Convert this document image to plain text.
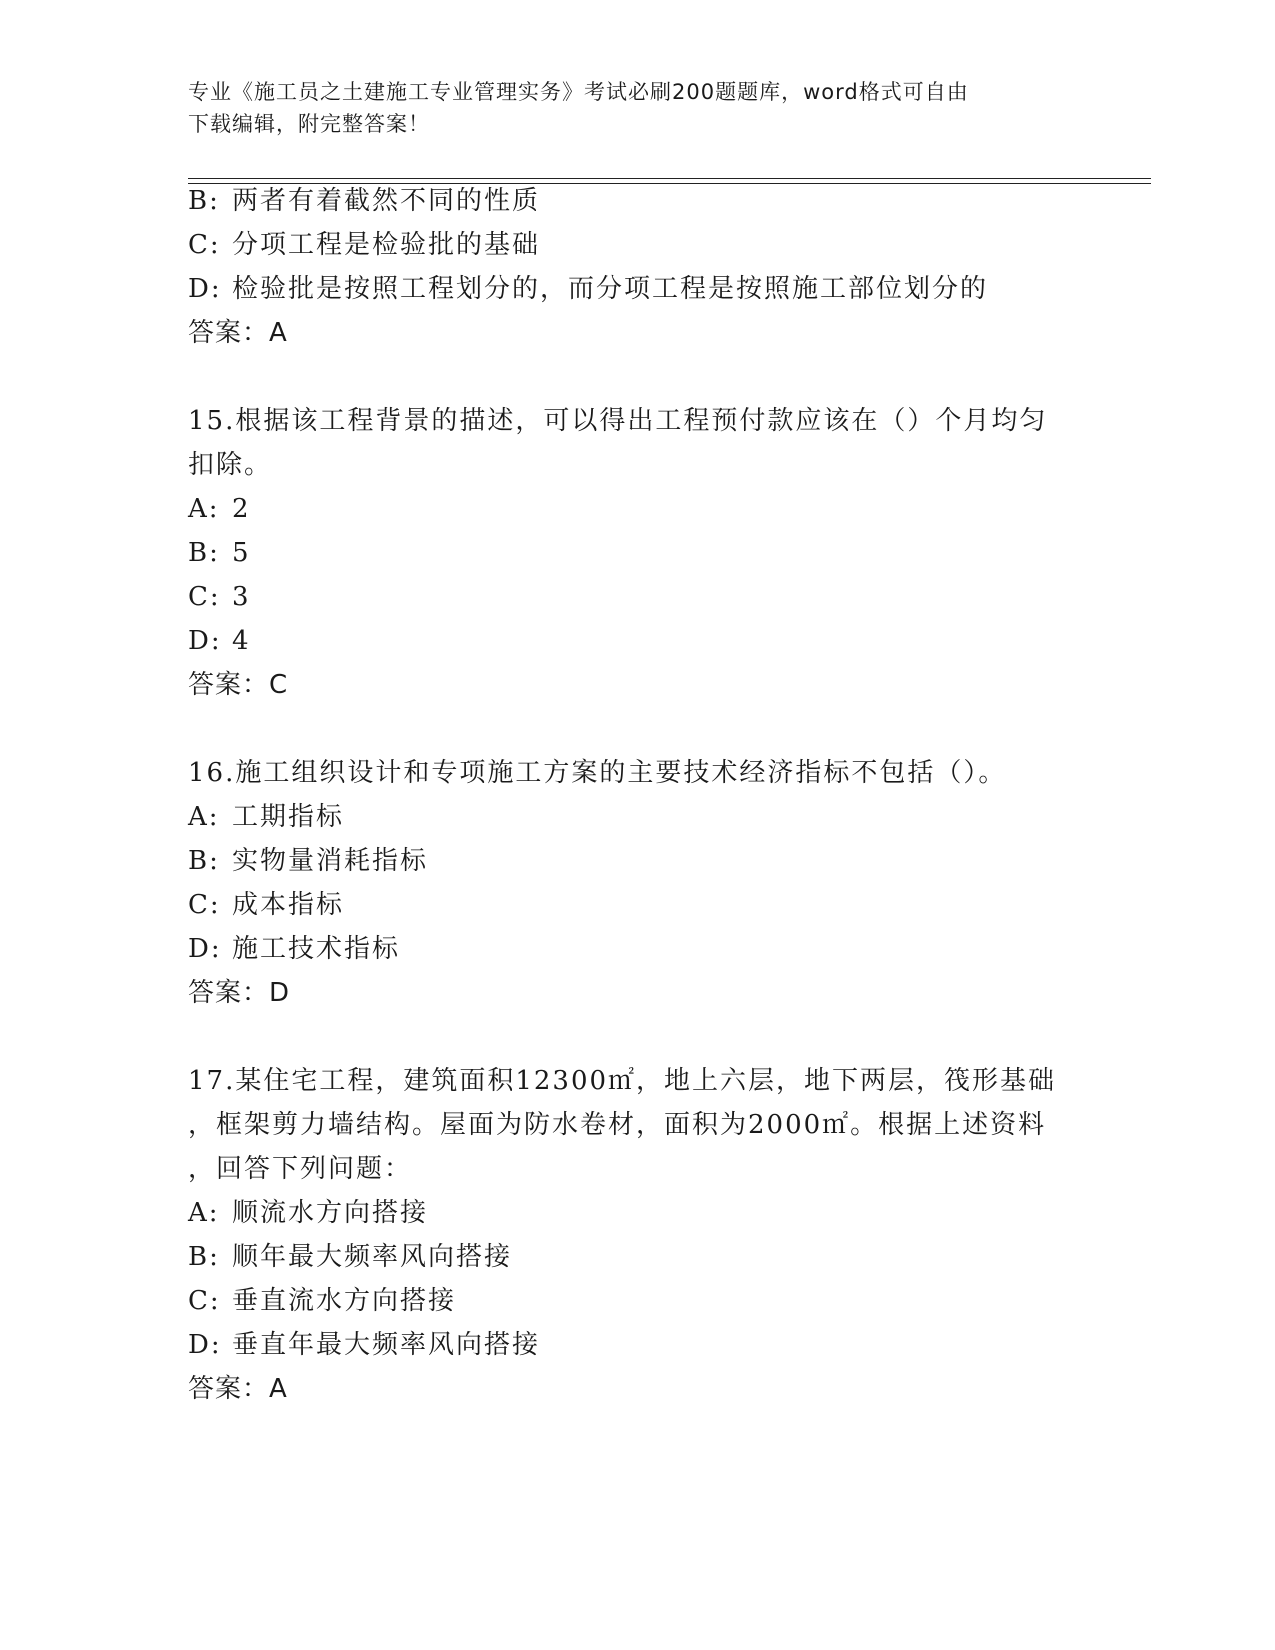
专业《施工员之土建施工专业管理实务》考试必刷200题题库，word格式可自由
下载编辑，附完整答案！
B: 两者有着截然不同的性质
C: 分项工程是检验批的基础
D: 检验批是按照工程划分的，而分项工程是按照施工部位划分的
答案：A
15.根据该工程背景的描述，可以得出工程预付款应该在（）个月均匀
扣除。
A: 2
B: 5
C: 3
D: 4
答案：C
16.施工组织设计和专项施工方案的主要技术经济指标不包括（）。
A: 工期指标
B: 实物量消耗指标
C: 成本指标
D: 施工技术指标
答案：D
17.某住宅工程，建筑面积12300㎡，地上六层，地下两层，筏形基础
，框架剪力墙结构。屋面为防水卷材，面积为2000㎡。根据上述资料
，回答下列问题：
A: 顺流水方向搭接
B: 顺年最大频率风向搭接
C: 垂直流水方向搭接
D: 垂直年最大频率风向搭接
答案：A
